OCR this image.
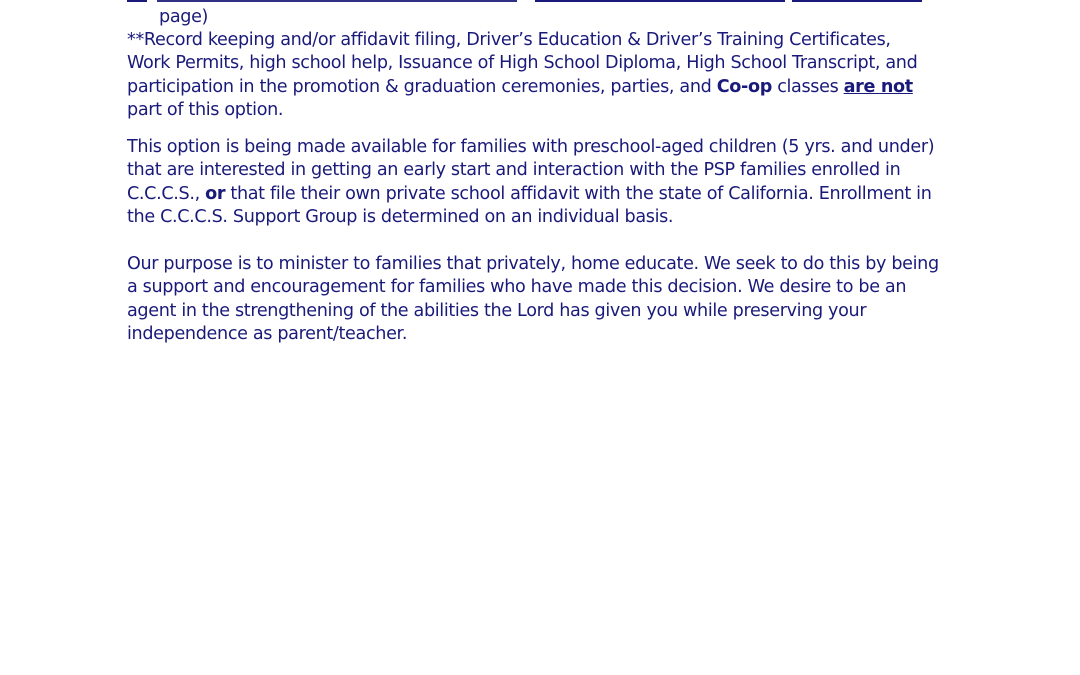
page)
**Record keeping and/or affidavit filing, Driver’s Education & Driver’s Training Certificates,
Work Permits, high school help, Issuance of High School Diploma, High School Transcript, and
participation in the promotion & graduation ceremonies, parties, and Co-op classes are not
part of this option.
This option is being made available for families with preschool-aged children (5 yrs. and under)
that are interested in getting an early start and interaction with the PSP families enrolled in
C.C.C.S., or that file their own private school affidavit with the state of California. Enrollment in
the C.C.C.S. Support Group is determined on an individual basis.
Our purpose is to minister to families that privately, home educate. We seek to do this by being
a support and encouragement for families who have made this decision. We desire to be an
agent in the strengthening of the abilities the Lord has given you while preserving your
independence as parent/teacher.
